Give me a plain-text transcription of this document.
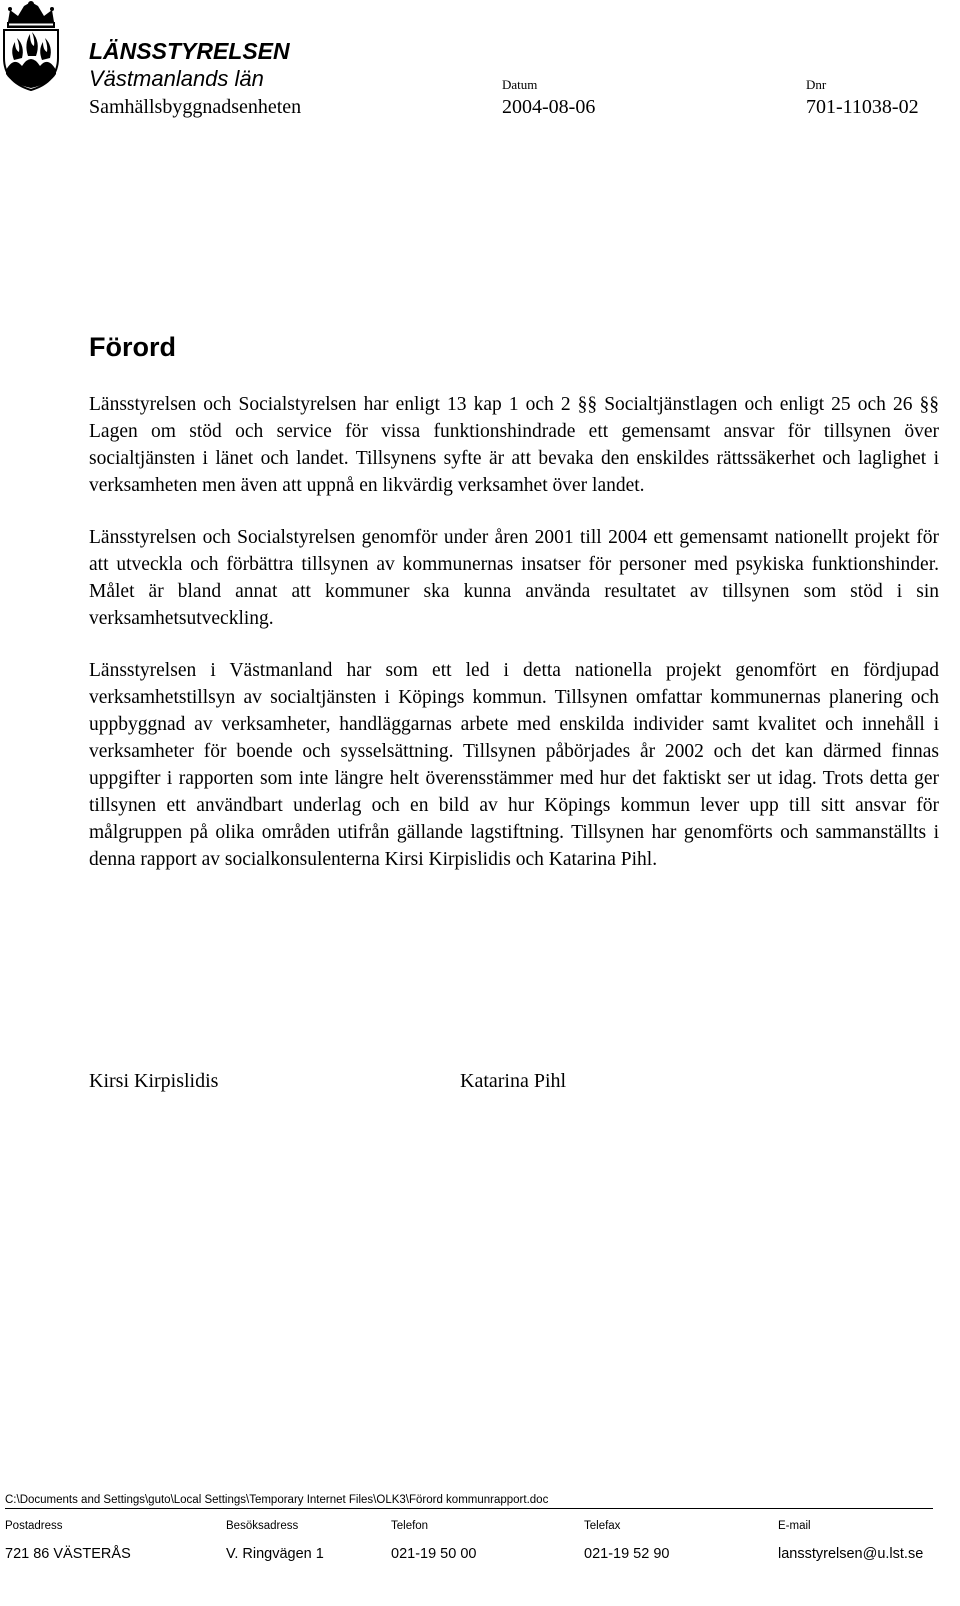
LÄNSSTYRELSEN
Västmanlands län
Samhällsbyggnadsenheten
Datum
2004-08-06
Dnr
701-11038-02
Förord

Länsstyrelsen och Socialstyrelsen har enligt 13 kap 1 och 2 §§ Socialtjänstlagen och enligt 25 och 26 §§ Lagen om stöd och service för vissa funktionshindrade ett gemensamt ansvar för tillsynen över socialtjänsten i länet och landet. Tillsynens syfte är att bevaka den enskildes rättssäkerhet och laglighet i verksamheten men även att uppnå en likvärdig verksamhet över landet.

Länsstyrelsen och Socialstyrelsen genomför under åren 2001 till 2004 ett gemensamt nationellt projekt för att utveckla och förbättra tillsynen av kommunernas insatser för personer med psykiska funktionshinder. Målet är bland annat att kommuner ska kunna använda resultatet av tillsynen som stöd i sin verksamhetsutveckling.

Länsstyrelsen i Västmanland har som ett led i detta nationella projekt genomfört en fördjupad verksamhetstillsyn av socialtjänsten i Köpings kommun. Tillsynen omfattar kommunernas planering och uppbyggnad av verksamheter, handläggarnas arbete med enskilda individer samt kvalitet och innehåll i verksamheter för boende och sysselsättning. Tillsynen påbörjades år 2002 och det kan därmed finnas uppgifter i rapporten som inte längre helt överensstämmer med hur det faktiskt ser ut idag. Trots detta ger tillsynen ett användbart underlag och en bild av hur Köpings kommun lever upp till sitt ansvar för målgruppen på olika områden utifrån gällande lagstiftning. Tillsynen har genomförts och sammanställts i denna rapport av socialkonsulenterna Kirsi Kirpislidis och Katarina Pihl.

Kirsi Kirpislidis	Katarina Pihl
C:\Documents and Settings\guto\Local Settings\Temporary Internet Files\OLK3\Förord kommunrapport.doc
Postadress	Besöksadress	Telefon	Telefax	E-mail
721 86 VÄSTERÅS	V. Ringvägen 1	021-19 50 00	021-19 52 90	lansstyrelsen@u.lst.se
